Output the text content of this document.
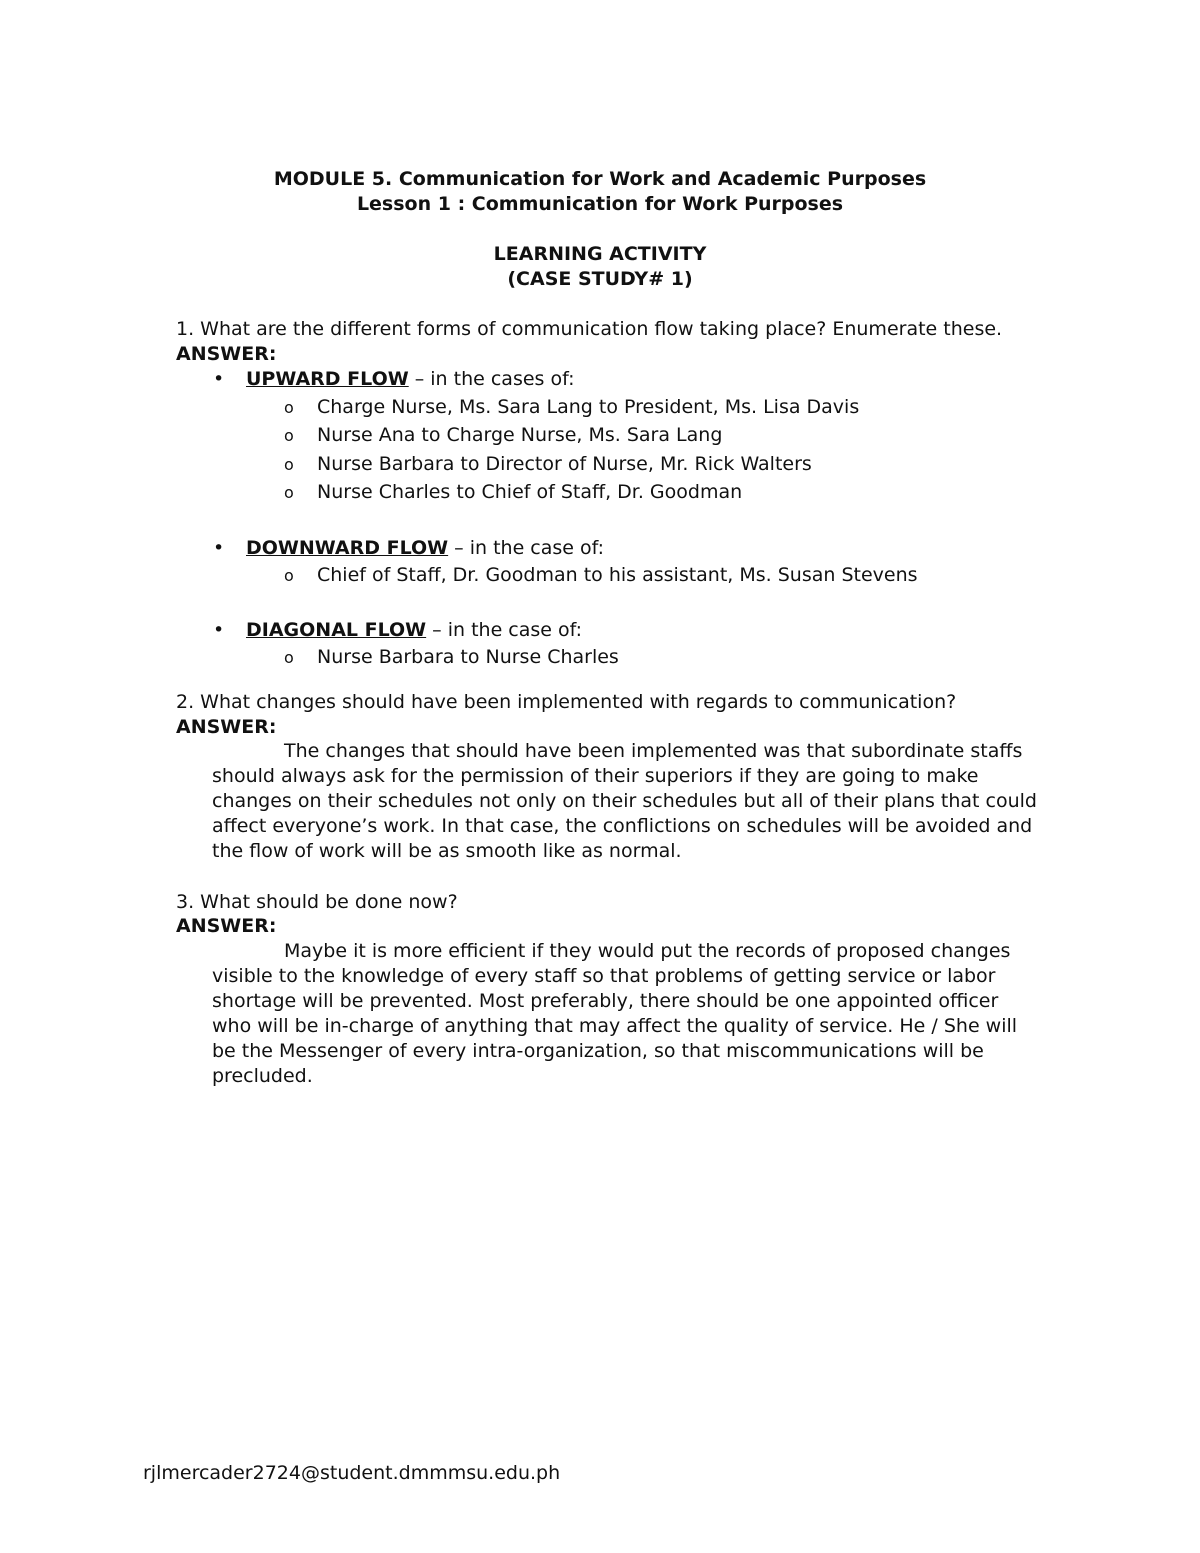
MODULE 5. Communication for Work and Academic Purposes
Lesson 1 : Communication for Work Purposes
LEARNING ACTIVITY
(CASE STUDY# 1)
1. What are the different forms of communication flow taking place? Enumerate these.
ANSWER:
• UPWARD FLOW – in the cases of:
o Charge Nurse, Ms. Sara Lang to President, Ms. Lisa Davis
o Nurse Ana to Charge Nurse, Ms. Sara Lang
o Nurse Barbara to Director of Nurse, Mr. Rick Walters
o Nurse Charles to Chief of Staff, Dr. Goodman
• DOWNWARD FLOW – in the case of:
o Chief of Staff, Dr. Goodman to his assistant, Ms. Susan Stevens
• DIAGONAL FLOW – in the case of:
o Nurse Barbara to Nurse Charles
2. What changes should have been implemented with regards to communication?
ANSWER:
The changes that should have been implemented was that subordinate staffs
should always ask for the permission of their superiors if they are going to make
changes on their schedules not only on their schedules but all of their plans that could
affect everyone’s work. In that case, the conflictions on schedules will be avoided and
the flow of work will be as smooth like as normal.
3. What should be done now?
ANSWER:
Maybe it is more efficient if they would put the records of proposed changes
visible to the knowledge of every staff so that problems of getting service or labor
shortage will be prevented. Most preferably, there should be one appointed officer
who will be in-charge of anything that may affect the quality of service. He / She will
be the Messenger of every intra-organization, so that miscommunications will be
precluded.
rjlmercader2724@student.dmmmsu.edu.ph
